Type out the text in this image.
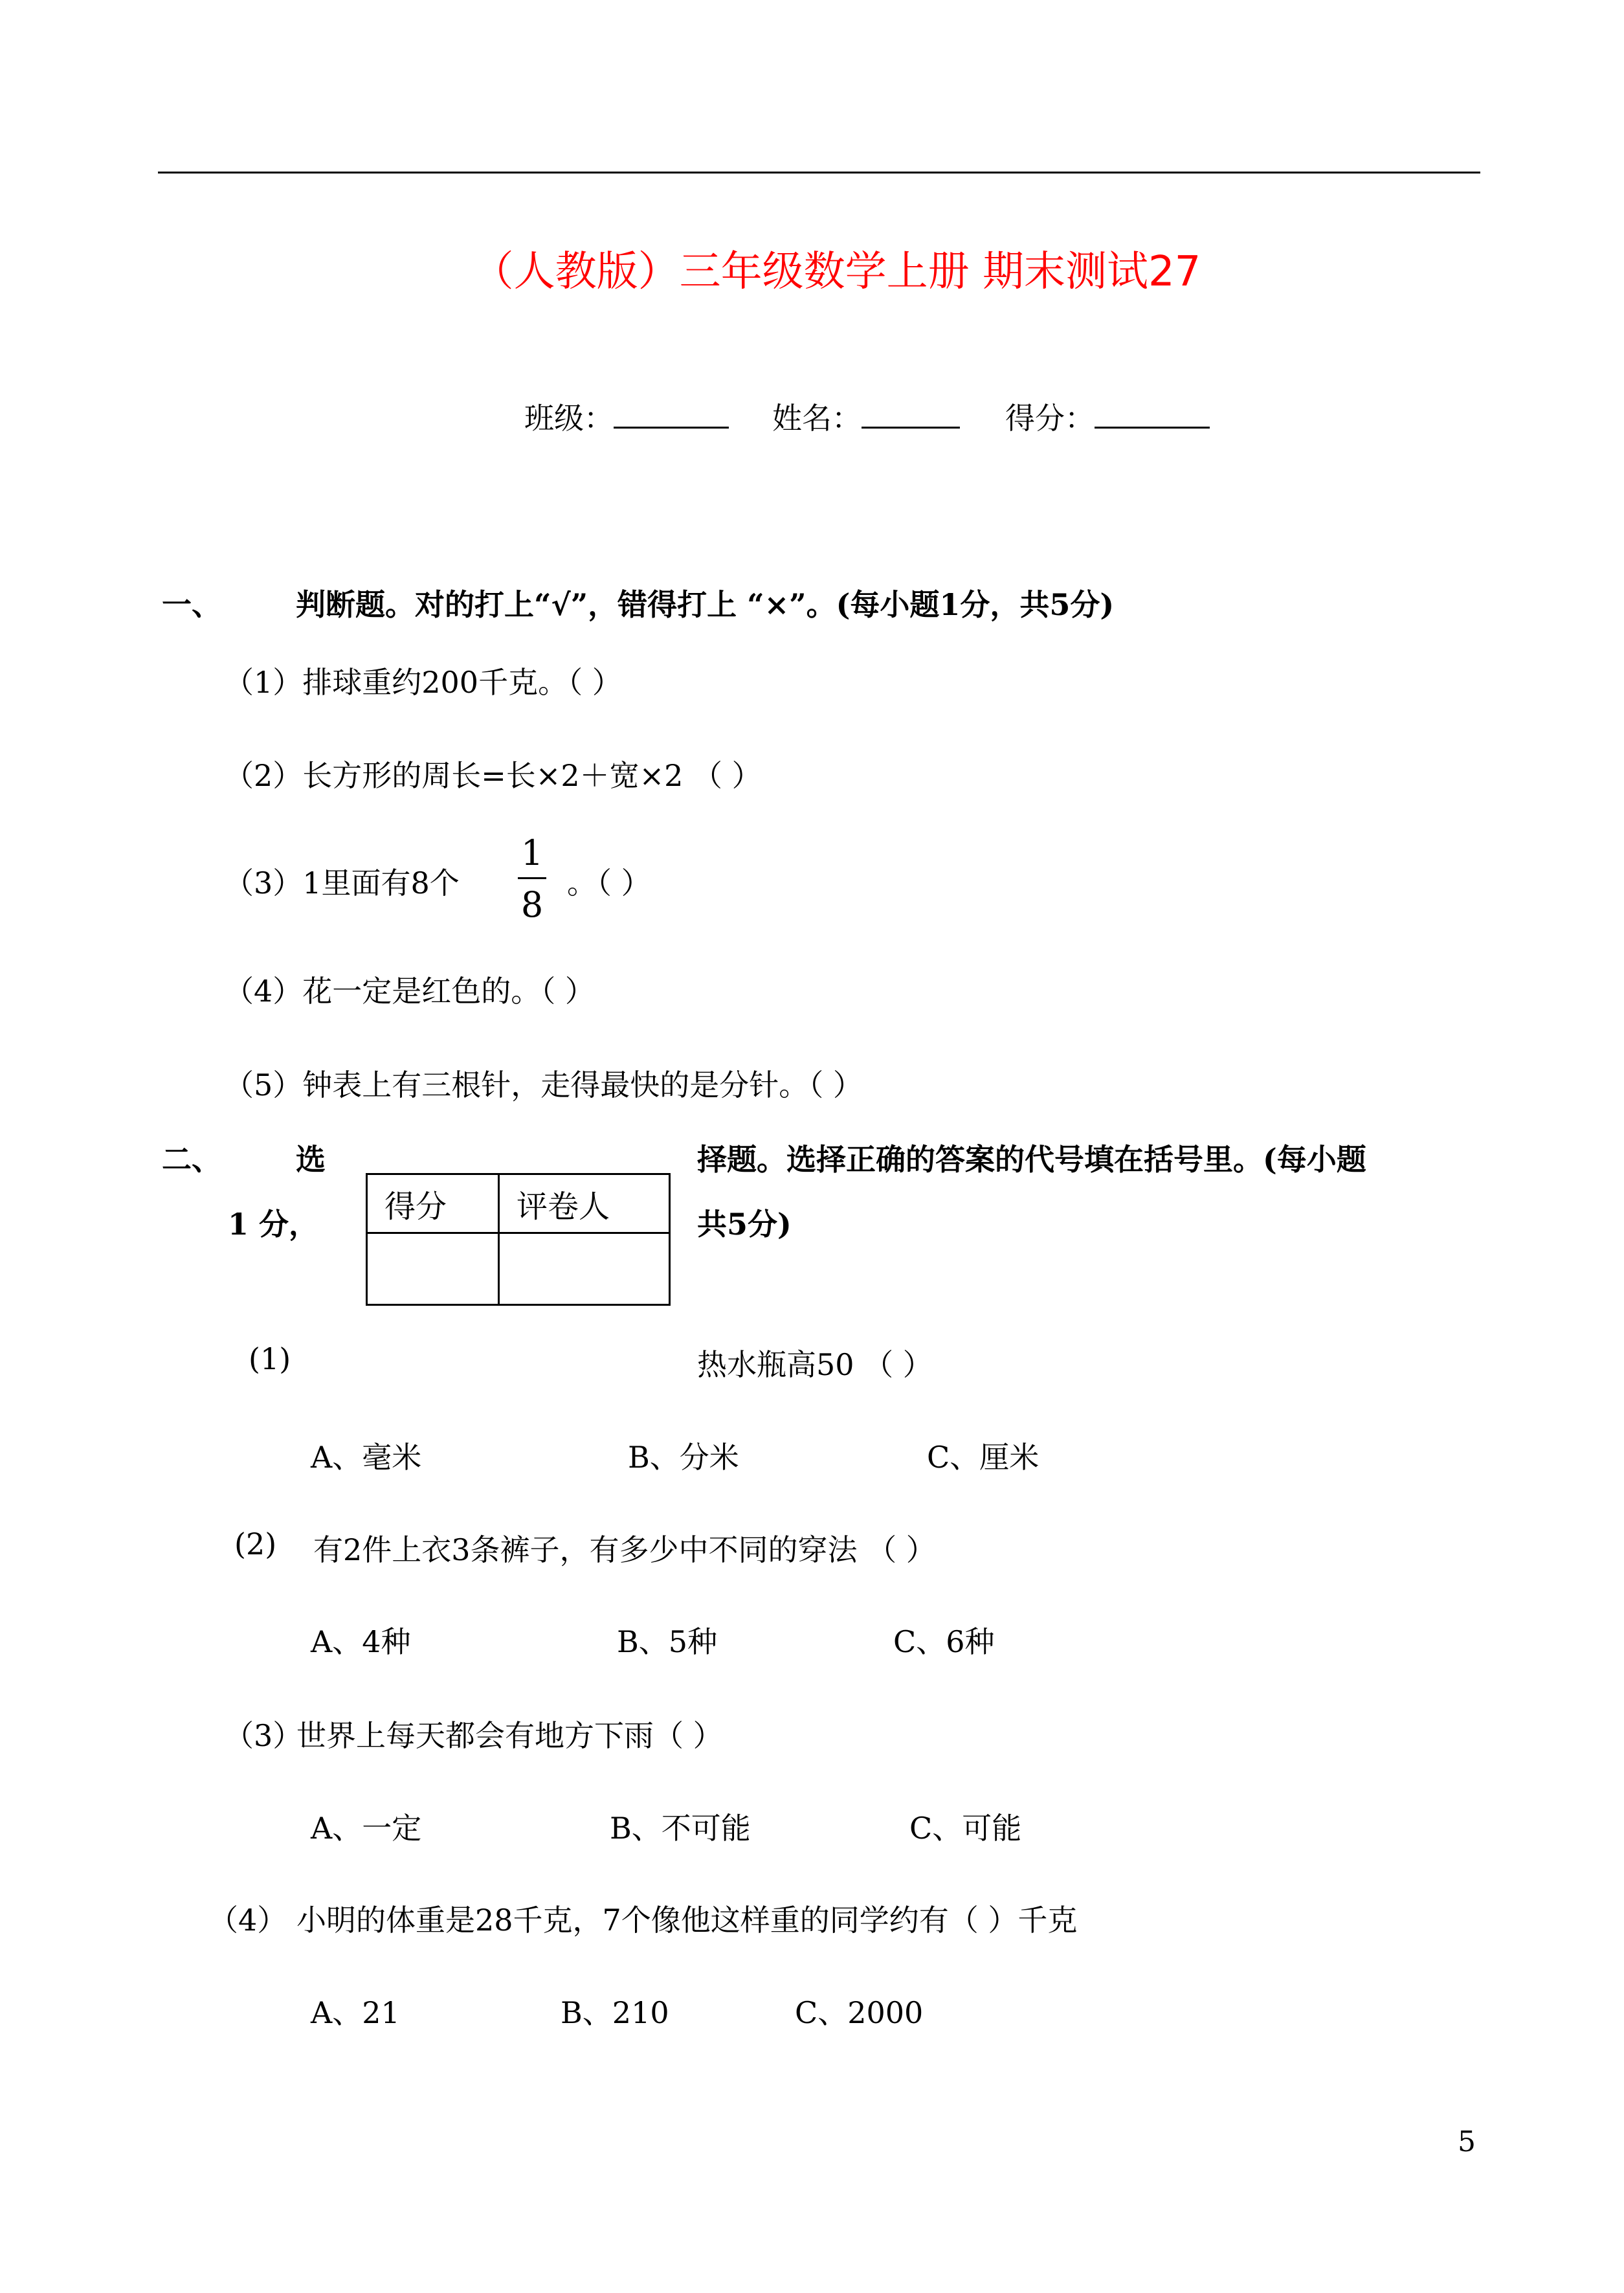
（人教版）三年级数学上册 期末测试27
班级：	姓名：	得分：
一、	判断题。对的打上“√”，错得打上 “×”。(每小题1分，共5分)
（1）排球重约200千克。（ ）
（2）长方形的周长=长×2＋宽×2 （ ）
（3）1里面有8个
1
8
。（ ）
（4）花一定是红色的。（ ）
（5）钟表上有三根针，走得最快的是分针。（ ）
二、	选	择题。选择正确的答案的代号填在括号里。(每小题
1 分，	共5分)
得分	评卷人

(1)	热水瓶高50 （ ）
A、毫米	B、分米	C、厘米
(2) 有2件上衣3条裤子，有多少中不同的穿法 （ ）
A、4种	B、5种	C、6种
（3）
世界上每天都会有地方下雨（ ）
A、一定	B、不可能	C、可能
（4） 小明的体重是28千克，7个像他这样重的同学约有（ ）千克
A、21	B、210	C、2000
5
